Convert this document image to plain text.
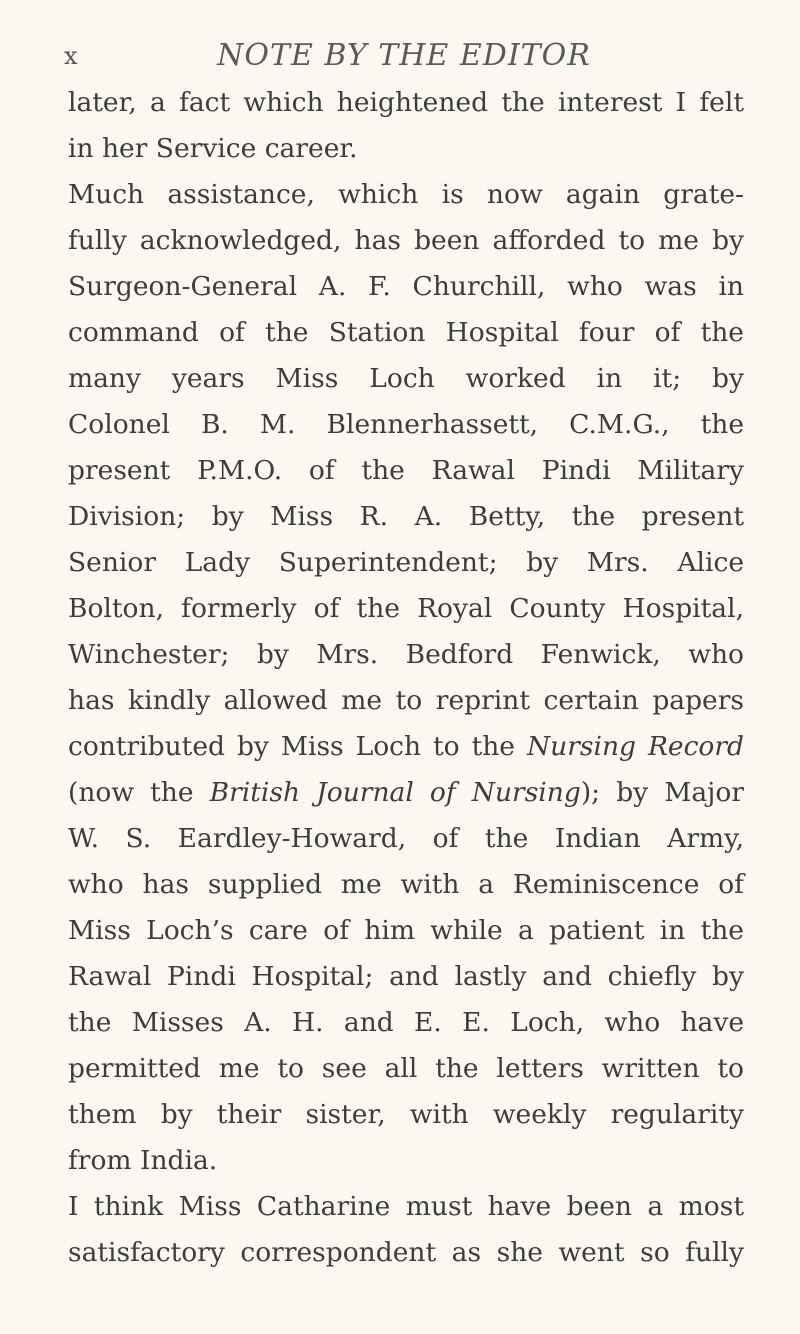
x	NOTE BY THE EDITOR
later, a fact which heightened the interest I felt
in her Service career.
Much assistance, which is now again grate-
fully acknowledged, has been afforded to me by
Surgeon-General A. F. Churchill, who was in
command of the Station Hospital four of the
many years Miss Loch worked in it; by
Colonel B. M. Blennerhassett, C.M.G., the
present P.M.O. of the Rawal Pindi Military
Division; by Miss R. A. Betty, the present
Senior Lady Superintendent; by Mrs. Alice
Bolton, formerly of the Royal County Hospital,
Winchester; by Mrs. Bedford Fenwick, who
has kindly allowed me to reprint certain papers
contributed by Miss Loch to the Nursing Record
(now the British Journal of Nursing); by Major
W. S. Eardley-Howard, of the Indian Army,
who has supplied me with a Reminiscence of
Miss Loch’s care of him while a patient in the
Rawal Pindi Hospital; and lastly and chiefly by
the Misses A. H. and E. E. Loch, who have
permitted me to see all the letters written to
them by their sister, with weekly regularity
from India.
I think Miss Catharine must have been a most
satisfactory correspondent as she went so fully
